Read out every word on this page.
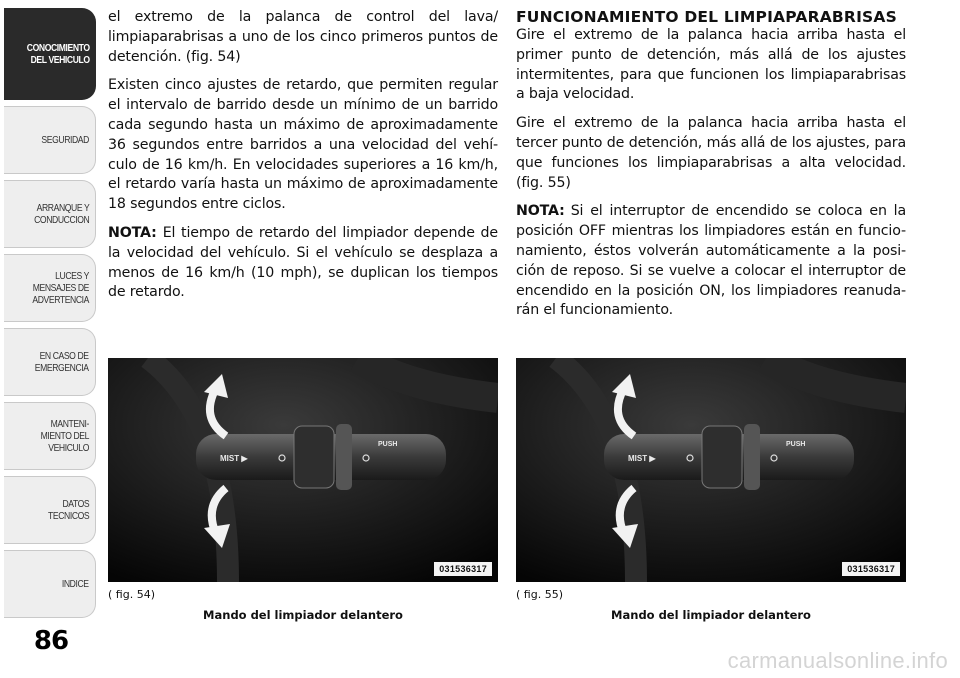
CONOCIMIENTO
DEL VEHICULO
SEGURIDAD
ARRANQUE Y
CONDUCCION
LUCES Y
MENSAJES DE
ADVERTENCIA
EN CASO DE
EMERGENCIA
MANTENI-
MIENTO DEL
VEHICULO
DATOS
TECNICOS
INDICE
86

el extremo de la palanca de control del lava/ limpiaparabrisas a uno de los cinco primeros puntos de detención. (fig. 54)

Existen cinco ajustes de retardo, que permiten regular el intervalo de barrido desde un mínimo de un barrido cada segundo hasta un máximo de aproximadamente 36 segundos entre barridos a una velocidad del vehí- culo de 16 km/h. En velocidades superiores a 16 km/h, el retardo varía hasta un máximo de aproximadamente 18 segundos entre ciclos.

NOTA: El tiempo de retardo del limpiador depende de la velocidad del vehículo. Si el vehículo se desplaza a menos de 16 km/h (10 mph), se duplican los tiempos de retardo.

FUNCIONAMIENTO DEL LIMPIAPARABRISAS

Gire el extremo de la palanca hacia arriba hasta el primer punto de detención, más allá de los ajustes intermitentes, para que funcionen los limpiaparabrisas a baja velocidad.

Gire el extremo de la palanca hacia arriba hasta el tercer punto de detención, más allá de los ajustes, para que funciones los limpiaparabrisas a alta velocidad. (fig. 55)

NOTA: Si el interruptor de encendido se coloca en la posición OFF mientras los limpiadores están en funcio- namiento, éstos volverán automáticamente a la posi- ción de reposo. Si se vuelve a colocar el interruptor de encendido en la posición ON, los limpiadores reanuda- rán el funcionamiento.

MIST ▶
PUSH
031536317
( fig. 54)
Mando del limpiador delantero
MIST ▶
PUSH
031536317
( fig. 55)
Mando del limpiador delantero
carmanualsonline.info
